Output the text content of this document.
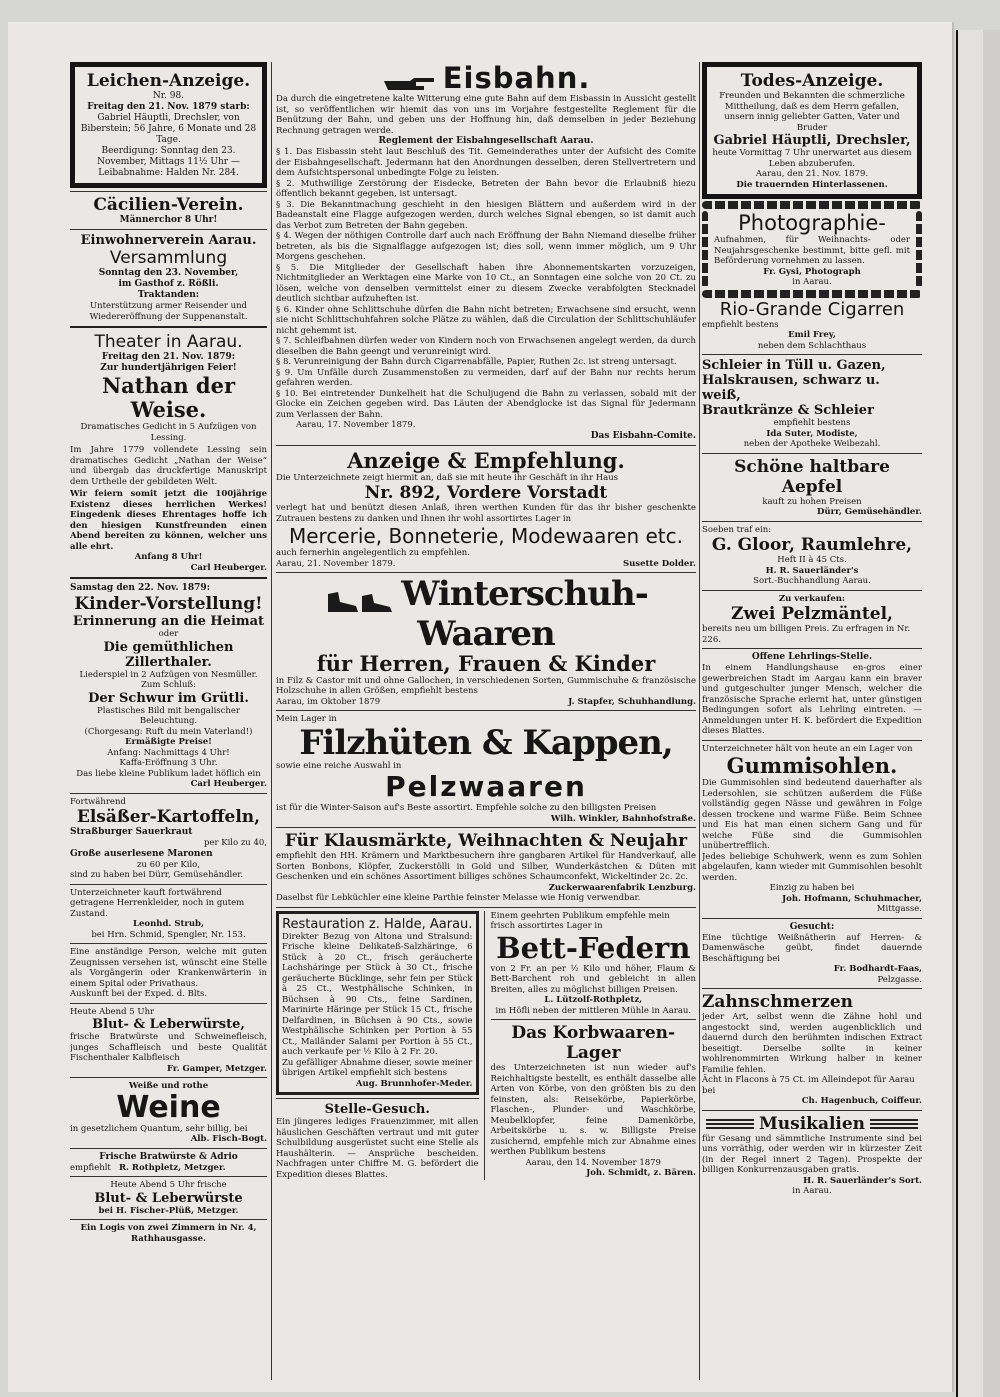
Leichen-Anzeige.

Nr. 98.

Freitag den 21. Nov. 1879 starb:

Gabriel Häuptli, Drechsler, von Biberstein; 56 Jahre, 6 Monate und 28 Tage.

Beerdigung: Sonntag den 23. November, Mittags 11½ Uhr — Leibabnahme: Halden Nr. 284.

Cäcilien-Verein.

Männerchor 8 Uhr!

Einwohnerverein Aarau.

Versammlung

Sonntag den 23. November,

im Gasthof z. Rößli.

Traktanden:

Unterstützung armer Reisender und Wiedereröffnung der Suppenanstalt.

Theater in Aarau.

Freitag den 21. Nov. 1879:

Zur hundertjährigen Feier!

Nathan der Weise.

Dramatisches Gedicht in 5 Aufzügen von Lessing.

Im Jahre 1779 vollendete Lessing sein dramatisches Gedicht „Nathan der Weise“ und übergab das druckfertige Manuskript dem Urtheile der gebildeten Welt.

Wir feiern somit jetzt die 100jährige Existenz dieses herrlichen Werkes! Eingedenk dieses Ehrentages hoffe ich den hiesigen Kunstfreunden einen Abend bereiten zu können, welcher uns alle ehrt.

Anfang 8 Uhr!

Carl Heuberger.

Samstag den 22. Nov. 1879:

Kinder-Vorstellung!

Erinnerung an die Heimat

oder

Die gemüthlichen Zillerthaler.

Liederspiel in 2 Aufzügen von Nesmüller.

Zum Schluß:

Der Schwur im Grütli.

Plastisches Bild mit bengalischer Beleuchtung.

(Chorgesang: Ruft du mein Vaterland!)

Ermäßigte Preise!

Anfang: Nachmittags 4 Uhr!

Kaffa-Eröffnung 3 Uhr.

Das liebe kleine Publikum ladet höflich ein

Carl Heuberger.

Fortwährend

Elsäßer-Kartoffeln,

Straßburger Sauerkraut

per Kilo zu 40,

Große auserlesene Maronen

zu 60 per Kilo,

sind zu haben bei Dürr, Gemüsehändler.

Unterzeichneter kauft fortwährend getragene Herrenkleider, noch in gutem Zustand.

Leonhd. Strub,

bei Hrn. Schmid, Spengler, Nr. 153.

Eine anständige Person, welche mit guten Zeugnissen versehen ist, wünscht eine Stelle als Vorgängerin oder Krankenwärterin in einem Spital oder Privathaus.

Auskunft bei der Exped. d. Blts.

Heute Abend 5 Uhr

Blut- & Leberwürste,

frische Bratwürste und Schweinefleisch, junges Schaffleisch und beste Qualität Fischenthaler Kalbfleisch

Fr. Gamper, Metzger.

Weiße und rothe

Weine

in gesetzlichem Quantum, sehr billig, bei

Alb. Fisch-Bogt.

Frische Bratwürste & Adrio

empfiehlt R. Rothpletz, Metzger.

Heute Abend 5 Uhr frische

Blut- & Leberwürste

bei H. Fischer-Plüß, Metzger.

Ein Logis von zwei Zimmern in Nr. 4, Rathhausgasse.

Eisbahn.

Da durch die eingetretene kalte Witterung eine gute Bahn auf dem Eisbassin in Aussicht gestellt ist, so veröffentlichen wir hiemit das von uns im Vorjahre festgestellte Reglement für die Benützung der Bahn, und geben uns der Hoffnung hin, daß demselben in jeder Beziehung Rechnung getragen werde.

Reglement der Eisbahngesellschaft Aarau.

§ 1. Das Eisbassin steht laut Beschluß des Tit. Gemeinderathes unter der Aufsicht des Comite der Eisbahngesellschaft. Jedermann hat den Anordnungen desselben, deren Stellvertretern und dem Aufsichtspersonal unbedingte Folge zu leisten.

§ 2. Muthwillige Zerstörung der Eisdecke, Betreten der Bahn bevor die Erlaubniß hiezu öffentlich bekannt gegeben, ist untersagt.

§ 3. Die Bekanntmachung geschieht in den hiesigen Blättern und außerdem wird in der Badeanstalt eine Flagge aufgezogen werden, durch welches Signal ebengen, so ist damit auch das Verbot zum Betreten der Bahn gegeben.

§ 4. Wegen der nöthigen Controlle darf auch nach Eröffnung der Bahn Niemand dieselbe früher betreten, als bis die Signalflagge aufgezogen ist; dies soll, wenn immer möglich, um 9 Uhr Morgens geschehen.

§ 5. Die Mitglieder der Gesellschaft haben ihre Abonnementskarten vorzuzeigen, Nichtmitglieder an Werktagen eine Marke von 10 Ct., an Sonntagen eine solche von 20 Ct. zu lösen, welche von denselben vermittelst einer zu diesem Zwecke verabfolgten Stecknadel deutlich sichtbar aufzuheften ist.

§ 6. Kinder ohne Schlittschuhe dürfen die Bahn nicht betreten; Erwachsene sind ersucht, wenn sie nicht Schlittschuhfahren solche Plätze zu wählen, daß die Circulation der Schlittschuhläufer nicht gehemmt ist.

§ 7. Schleifbahnen dürfen weder von Kindern noch von Erwachsenen angelegt werden, da durch dieselben die Bahn geengt und verunreinigt wird.

§ 8. Verunreinigung der Bahn durch Cigarrenabfälle, Papier, Ruthen 2c. ist streng untersagt.

§ 9. Um Unfälle durch Zusammenstoßen zu vermeiden, darf auf der Bahn nur rechts herum gefahren werden.

§ 10. Bei eintretender Dunkelheit hat die Schuljugend die Bahn zu verlassen, sobald mit der Glocke ein Zeichen gegeben wird. Das Läuten der Abendglocke ist das Signal für Jedermann zum Verlassen der Bahn.

Aarau, 17. November 1879.

Das Eisbahn-Comite.

Anzeige & Empfehlung.

Die Unterzeichnete zeigt hiermit an, daß sie mit heute ihr Geschäft in ihr Haus

Nr. 892, Vordere Vorstadt

verlegt hat und benützt diesen Anlaß, ihren werthen Kunden für das ihr bisher geschenkte Zutrauen bestens zu danken und Ihnen ihr wohl assortirtes Lager in

Mercerie, Bonneterie, Modewaaren etc.

auch fernerhin angelegentlich zu empfehlen.

Aarau, 21. November 1879.	Susette Dolder.

Winterschuh-Waaren

für Herren, Frauen & Kinder

in Filz & Castor mit und ohne Gallochen, in verschiedenen Sorten, Gummischuhe & französische Holzschuhe in allen Größen, empfiehlt bestens

Aarau, im Oktober 1879	J. Stapfer, Schuhhandlung.

Mein Lager in

Filzhüten & Kappen,

sowie eine reiche Auswahl in

Pelzwaaren

ist für die Winter-Saison auf's Beste assortirt. Empfehle solche zu den billigsten Preisen

Wilh. Winkler, Bahnhofstraße.

Für Klausmärkte, Weihnachten & Neujahr

empfiehlt den HH. Krämern und Marktbesuchern ihre gangbaren Artikel für Handverkauf, alle Sorten Bonbons, Klöpfer, Zuckerstölli in Gold und Silber, Wunderkästchen & Düten mit Geschenken und ein schönes Assortiment billiges schönes Schaumconfekt, Wickeltinder 2c. 2c.

Zuckerwaarenfabrik Lenzburg.

Daselbst für Lebküchler eine kleine Parthie feinster Melasse wie Honig verwendbar.

Restauration z. Halde, Aarau.

Direkter Bezug von Altona und Stralsund: Frische kleine Delikateß-Salzhäringe, 6 Stück à 20 Ct., frisch geräucherte Lachsháringe per Stück à 30 Ct., frische geräucherte Bücklinge, sehr fein per Stück à 25 Ct., Westphälische Schinken, in Büchsen à 90 Cts., feine Sardinen, Marinirte Häringe per Stück 15 Ct., frische Delfardinen, in Büchsen à 90 Cts., sowie Westphälische Schinken per Portion à 55 Ct., Mailänder Salami per Portion à 55 Ct., auch verkaufe per ½ Kilo à 2 Fr. 20.

Zu gefälliger Abnahme dieser, sowie meiner übrigen Artikel empfiehlt sich bestens

Aug. Brunnhofer-Meder.

Stelle-Gesuch.

Ein jüngeres lediges Frauenzimmer, mit allen häuslichen Geschäften vertraut und mit guter Schulbildung ausgerüstet sucht eine Stelle als Haushälterin. — Ansprüche bescheiden. Nachfragen unter Chiffre M. G. befördert die Expedition dieses Blattes.

Einem geehrten Publikum empfehle mein frisch assortirtes Lager in

Bett-Federn

von 2 Fr. an per ½ Kilo und höher, Flaum & Bett-Barchent roh und gebleicht in allen Breiten, alles zu möglichst billigen Preisen.

L. Lützolf-Rothpletz,

im Höfli neben der mittleren Mühle in Aarau.

Das Korbwaaren-Lager

des Unterzeichneten ist nun wieder auf's Reichhaltigste bestellt, es enthält dasselbe alle Arten von Körbe, von den größten bis zu den feinsten, als: Reisekörbe, Papierkörbe, Flaschen-, Plunder- und Waschkörbe, Meubelklopfer, feine Damenkörbe, Arbeitskörbe u. s. w. Billigste Preise zusichernd, empfehle mich zur Abnahme eines werthen Publikum bestens

Aarau, den 14. November 1879

Joh. Schmidt, z. Bären.

Todes-Anzeige.

Freunden und Bekannten die schmerzliche Mittheilung, daß es dem Herrn gefallen, unsern innig geliebter Gatten, Vater und Bruder

Gabriel Häuptli, Drechsler,

heute Vormittag 7 Uhr unerwartet aus diesem Leben abzuberufen.

Aarau, den 21. Nov. 1879.

Die trauernden Hinterlassenen.

Photographie-

Aufnahmen, für Weihnachts- oder Neujahrsgeschenke bestimmt, bitte gefl. mit Beförderung vornehmen zu lassen.

Fr. Gysi, Photograph

in Aarau.

Rio-Grande Cigarren

empfiehlt bestens

Emil Frey,

neben dem Schlachthaus

Schleier in Tüll u. Gazen,

Halskrausen, schwarz u. weiß,

Brautkränze & Schleier

empfiehlt bestens

Ida Suter, Modiste,

neben der Apotheke Weibezahl.

Schöne haltbare Aepfel

kauft zu hohen Preisen

Dürr, Gemüsehändler.

Soeben traf ein:

G. Gloor, Raumlehre,

Heft II à 45 Cts.

H. R. Sauerländer's

Sort.-Buchhandlung Aarau.

Zu verkaufen:

Zwei Pelzmäntel,

bereits neu um billigen Preis. Zu erfragen in Nr. 226.

Offene Lehrlings-Stelle.

In einem Handlungshause en-gros einer gewerbreichen Stadt im Aargau kann ein braver und gutgeschulter junger Mensch, welcher die französische Sprache erlernt hat, unter günstigen Bedingungen sofort als Lehrling eintreten. — Anmeldungen unter H. K. befördert die Expedition dieses Blattes.

Unterzeichneter hält von heute an ein Lager von

Gummisohlen.

Die Gummisohlen sind bedeutend dauerhafter als Ledersohlen, sie schützen außerdem die Füße vollständig gegen Nässe und gewähren in Folge dessen trockene und warme Füße. Beim Schnee und Eis hat man einen sichern Gang und für weiche Füße sind die Gummisohlen unübertrefflich.

Jedes beliebige Schuhwerk, wenn es zum Sohlen abgelaufen, kann wieder mit Gummisohlen besohlt werden.

Einzig zu haben bei

Joh. Hofmann, Schuhmacher,

Mittgasse.

Gesucht:

Eine tüchtige Weißnätherin auf Herren- & Damenwäsche geübt, findet dauernde Beschäftigung bei

Fr. Bodhardt-Faas,

Pelzgasse.

Zahnschmerzen

jeder Art, selbst wenn die Zähne hohl und angestockt sind, werden augenblicklich und dauernd durch den berühmten indischen Extract beseitigt. Derselbe sollte in keiner wohlrenommirten Wirkung halber in keiner Familie fehlen.

Ächt in Flacons à 75 Ct. im Alleindepot für Aarau bei

Ch. Hagenbuch, Coiffeur.

Musikalien

für Gesang und sämmtliche Instrumente sind bei uns vorräthig, oder werden wir in kürzester Zeit (in der Regel innert 2 Tagen). Prospekte der billigen Konkurrenzausgaben gratis.

H. R. Sauerländer's Sort.

in Aarau.
